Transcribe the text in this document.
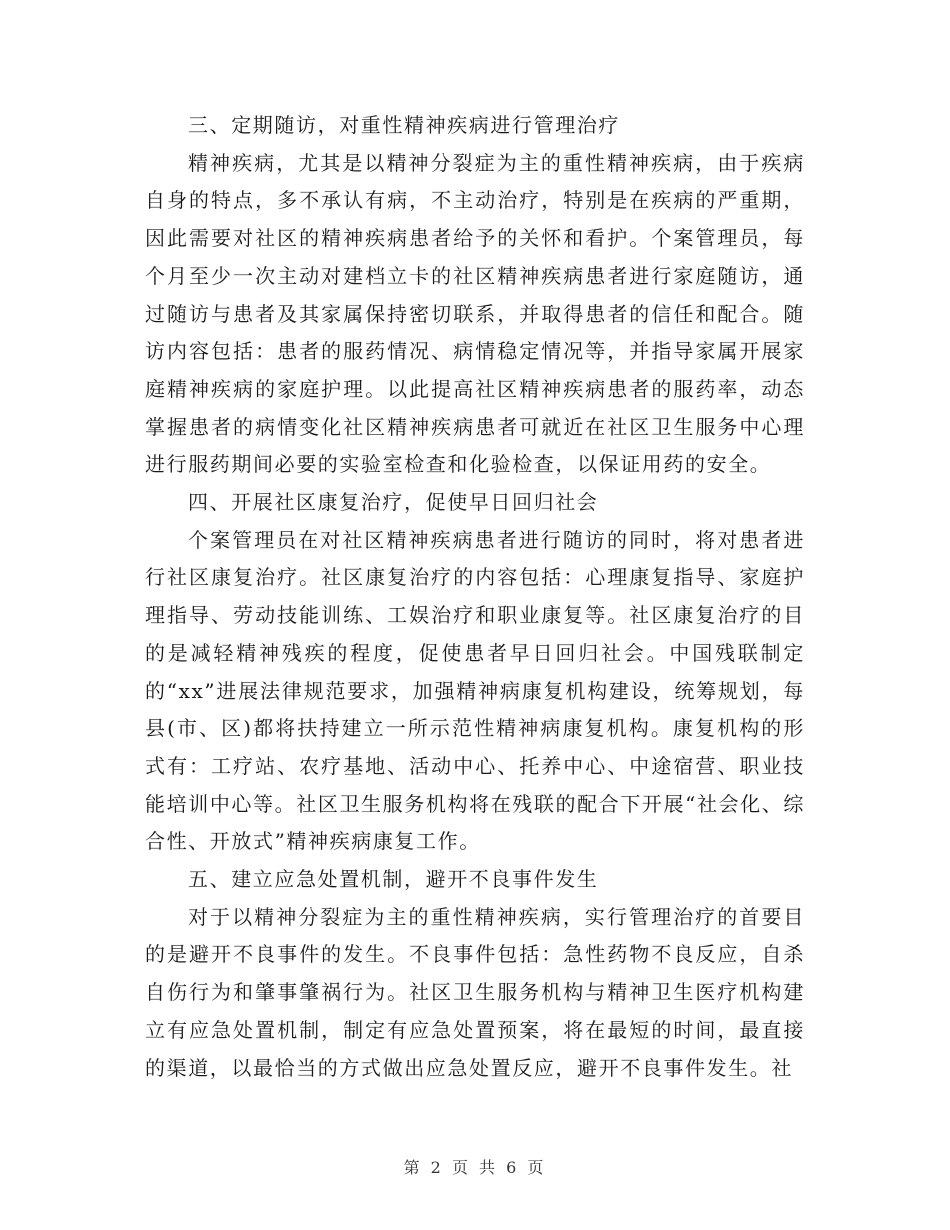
三、定期随访，对重性精神疾病进行管理治疗

精神疾病，尤其是以精神分裂症为主的重性精神疾病，由于疾病自身的特点，多不承认有病，不主动治疗，特别是在疾病的严重期，因此需要对社区的精神疾病患者给予的关怀和看护。个案管理员，每个月至少一次主动对建档立卡的社区精神疾病患者进行家庭随访，通过随访与患者及其家属保持密切联系，并取得患者的信任和配合。随访内容包括：患者的服药情况、病情稳定情况等，并指导家属开展家庭精神疾病的家庭护理。以此提高社区精神疾病患者的服药率，动态掌握患者的病情变化社区精神疾病患者可就近在社区卫生服务中心理进行服药期间必要的实验室检查和化验检查，以保证用药的安全。

四、开展社区康复治疗，促使早日回归社会

个案管理员在对社区精神疾病患者进行随访的同时，将对患者进行社区康复治疗。社区康复治疗的内容包括：心理康复指导、家庭护理指导、劳动技能训练、工娱治疗和职业康复等。社区康复治疗的目的是减轻精神残疾的程度，促使患者早日回归社会。中国残联制定的“xx”进展法律规范要求，加强精神病康复机构建设，统筹规划，每县(市、区)都将扶持建立一所示范性精神病康复机构。康复机构的形式有：工疗站、农疗基地、活动中心、托养中心、中途宿营、职业技能培训中心等。社区卫生服务机构将在残联的配合下开展“社会化、综合性、开放式”精神疾病康复工作。

五、建立应急处置机制，避开不良事件发生

对于以精神分裂症为主的重性精神疾病，实行管理治疗的首要目的是避开不良事件的发生。不良事件包括：急性药物不良反应，自杀自伤行为和肇事肇祸行为。社区卫生服务机构与精神卫生医疗机构建立有应急处置机制，制定有应急处置预案，将在最短的时间，最直接的渠道，以最恰当的方式做出应急处置反应，避开不良事件发生。社

第 2 页 共 6 页
